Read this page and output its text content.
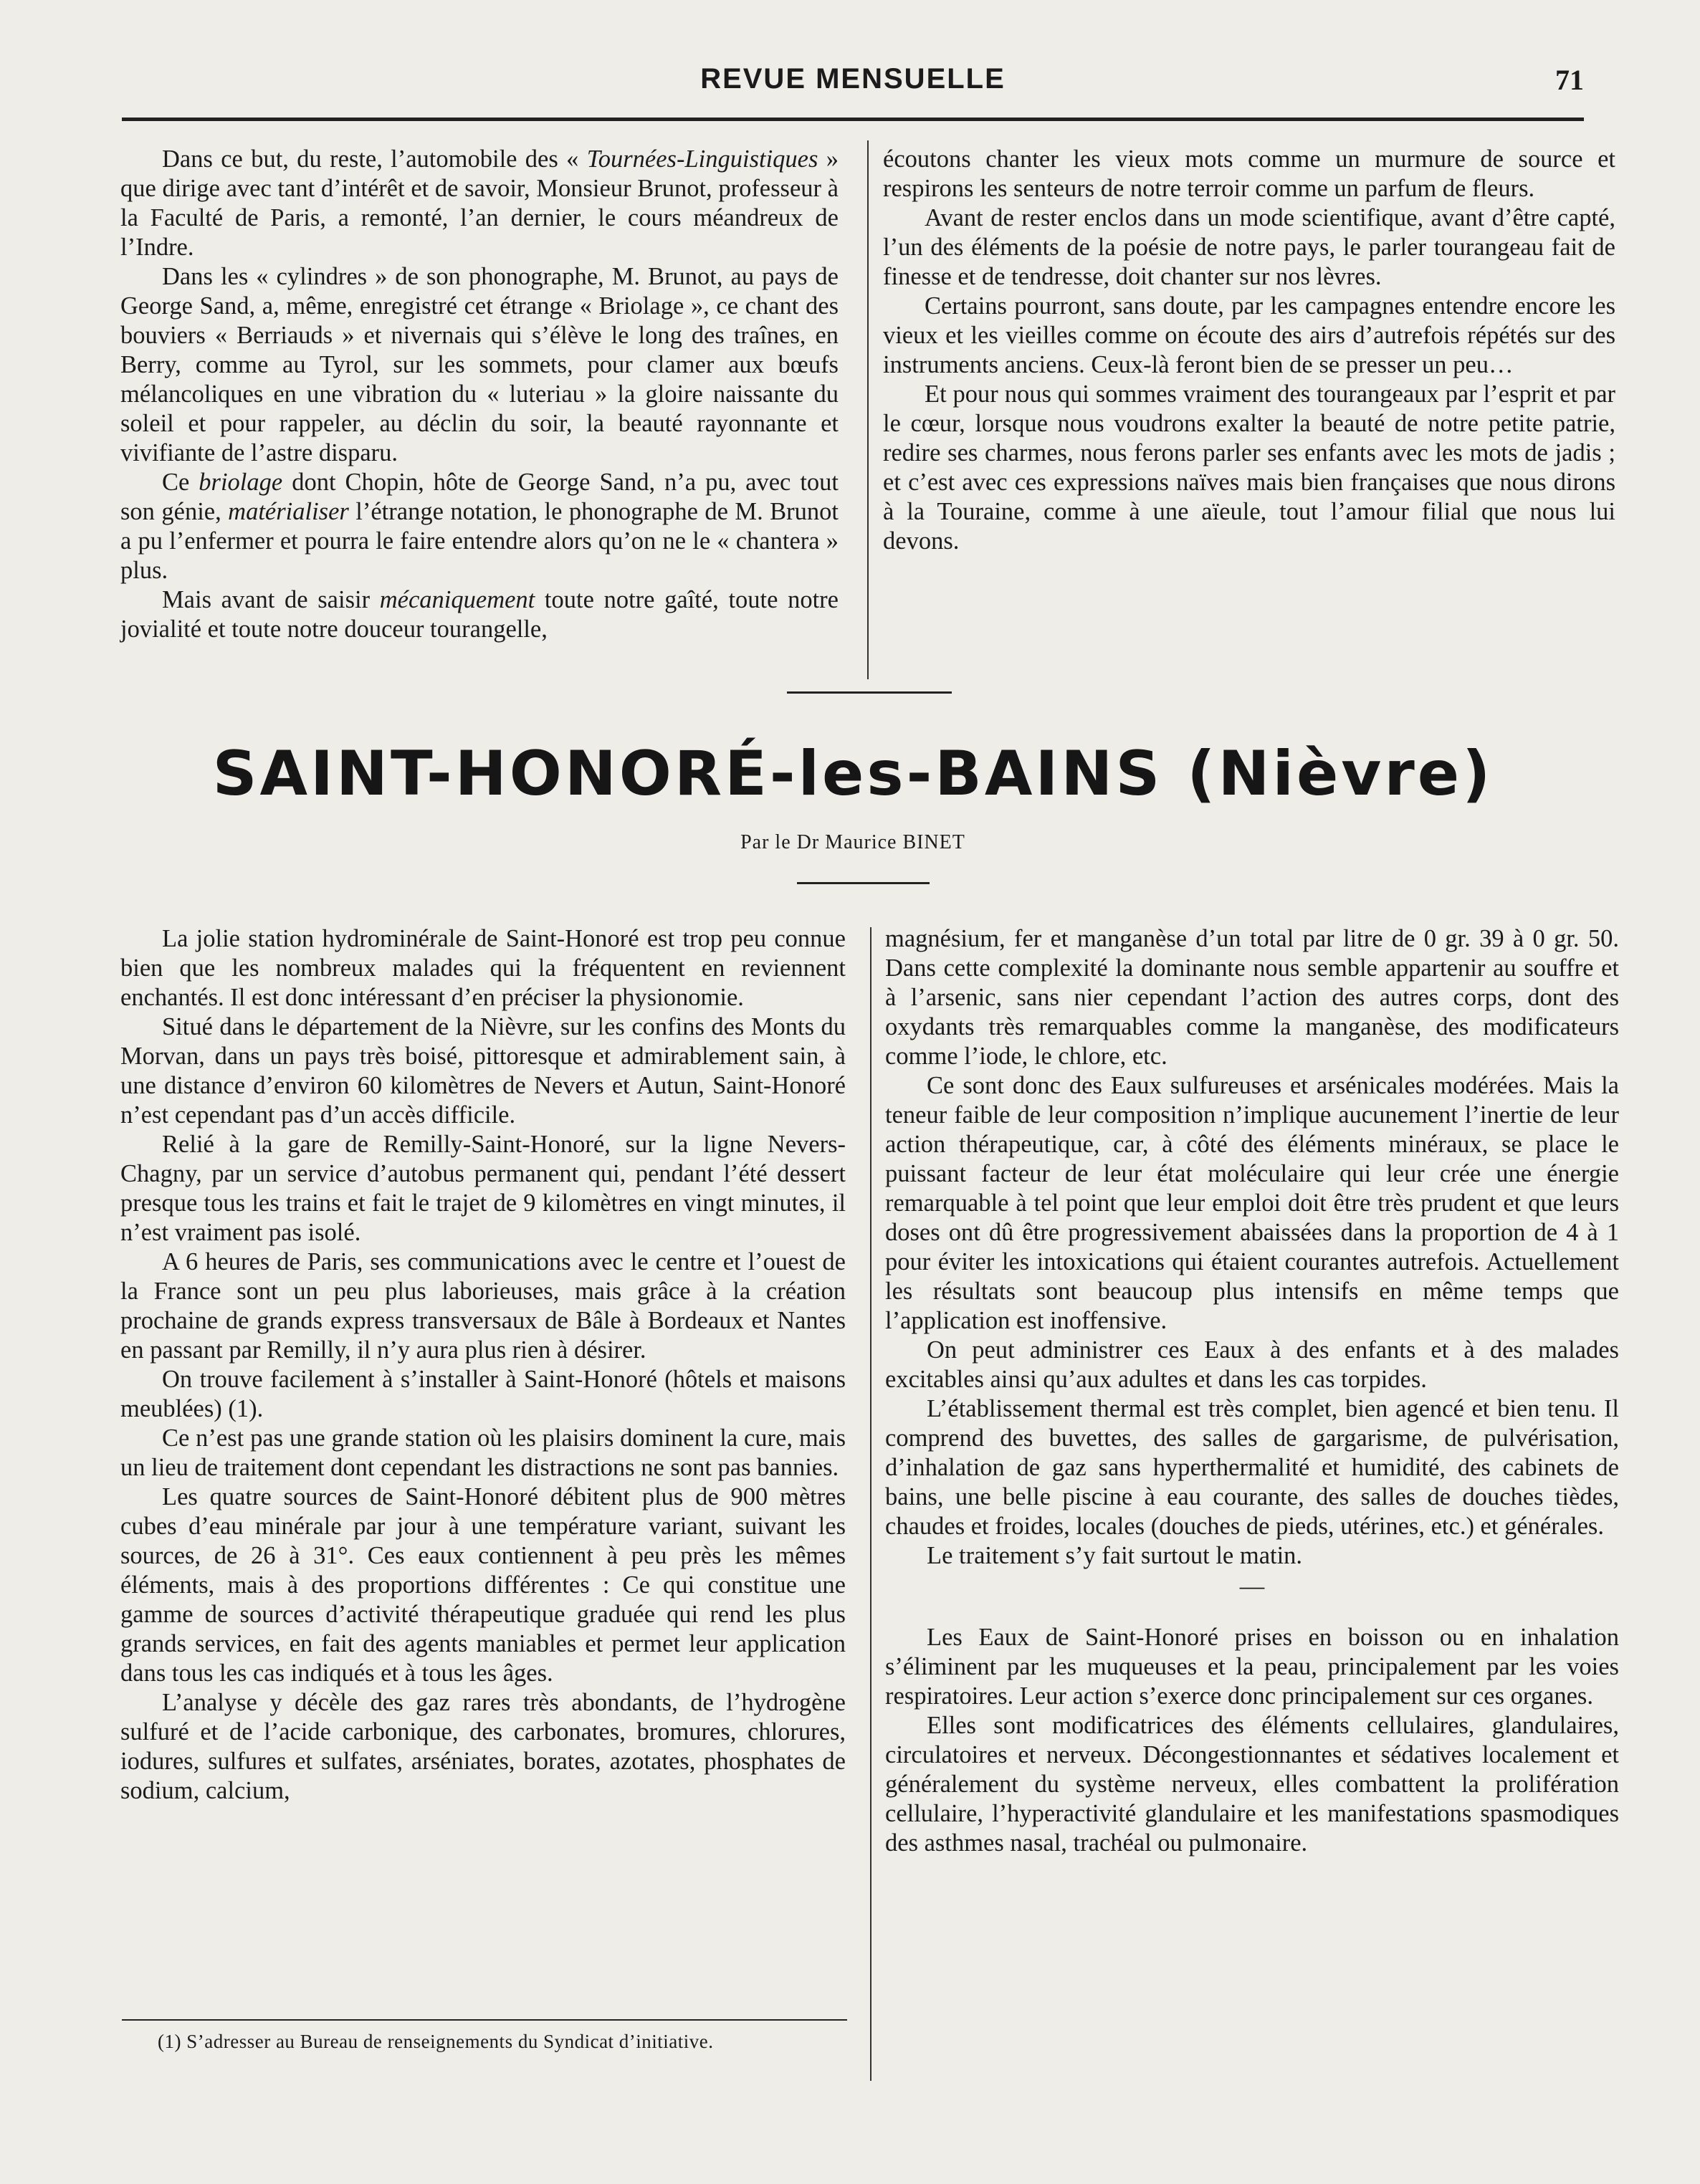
REVUE MENSUELLE	71

Dans ce but, du reste, l’automobile des « Tournées-Linguistiques » que dirige avec tant d’intérêt et de savoir, Monsieur Brunot, professeur à la Faculté de Paris, a remonté, l’an dernier, le cours méandreux de l’Indre.

Dans les « cylindres » de son phonographe, M. Brunot, au pays de George Sand, a, même, enregistré cet étrange « Briolage », ce chant des bouviers « Berriauds » et nivernais qui s’élève le long des traînes, en Berry, comme au Tyrol, sur les sommets, pour clamer aux bœufs mélancoliques en une vibration du « luteriau » la gloire naissante du soleil et pour rappeler, au déclin du soir, la beauté rayonnante et vivifiante de l’astre disparu.

Ce briolage dont Chopin, hôte de George Sand, n’a pu, avec tout son génie, matérialiser l’étrange notation, le phonographe de M. Brunot a pu l’enfermer et pourra le faire entendre alors qu’on ne le « chantera » plus.

Mais avant de saisir mécaniquement toute notre gaîté, toute notre jovialité et toute notre douceur tourangelle,

écoutons chanter les vieux mots comme un murmure de source et respirons les senteurs de notre terroir comme un parfum de fleurs.

Avant de rester enclos dans un mode scientifique, avant d’être capté, l’un des éléments de la poésie de notre pays, le parler tourangeau fait de finesse et de tendresse, doit chanter sur nos lèvres.

Certains pourront, sans doute, par les campagnes entendre encore les vieux et les vieilles comme on écoute des airs d’autrefois répétés sur des instruments anciens. Ceux-là feront bien de se presser un peu…

Et pour nous qui sommes vraiment des tourangeaux par l’esprit et par le cœur, lorsque nous voudrons exalter la beauté de notre petite patrie, redire ses charmes, nous ferons parler ses enfants avec les mots de jadis ; et c’est avec ces expressions naïves mais bien françaises que nous dirons à la Touraine, comme à une aïeule, tout l’amour filial que nous lui devons.

SAINT-HONORÉ-les-BAINS (Nièvre)
Par le Dr Maurice BINET

La jolie station hydrominérale de Saint-Honoré est trop peu connue bien que les nombreux malades qui la fréquentent en reviennent enchantés. Il est donc intéressant d’en préciser la physionomie.

Situé dans le département de la Nièvre, sur les confins des Monts du Morvan, dans un pays très boisé, pittoresque et admirablement sain, à une distance d’environ 60 kilomètres de Nevers et Autun, Saint-Honoré n’est cependant pas d’un accès difficile.

Relié à la gare de Remilly-Saint-Honoré, sur la ligne Nevers-Chagny, par un service d’autobus permanent qui, pendant l’été dessert presque tous les trains et fait le trajet de 9 kilomètres en vingt minutes, il n’est vraiment pas isolé.

A 6 heures de Paris, ses communications avec le centre et l’ouest de la France sont un peu plus laborieuses, mais grâce à la création prochaine de grands express transversaux de Bâle à Bordeaux et Nantes en passant par Remilly, il n’y aura plus rien à désirer.

On trouve facilement à s’installer à Saint-Honoré (hôtels et maisons meublées) (1).

Ce n’est pas une grande station où les plaisirs dominent la cure, mais un lieu de traitement dont cependant les distractions ne sont pas bannies.

Les quatre sources de Saint-Honoré débitent plus de 900 mètres cubes d’eau minérale par jour à une température variant, suivant les sources, de 26 à 31°. Ces eaux contiennent à peu près les mêmes éléments, mais à des proportions différentes : Ce qui constitue une gamme de sources d’activité thérapeutique graduée qui rend les plus grands services, en fait des agents maniables et permet leur application dans tous les cas indiqués et à tous les âges.

L’analyse y décèle des gaz rares très abondants, de l’hydrogène sulfuré et de l’acide carbonique, des carbonates, bromures, chlorures, iodures, sulfures et sulfates, arséniates, borates, azotates, phosphates de sodium, calcium,

magnésium, fer et manganèse d’un total par litre de 0 gr. 39 à 0 gr. 50. Dans cette complexité la dominante nous semble appartenir au souffre et à l’arsenic, sans nier cependant l’action des autres corps, dont des oxydants très remarquables comme la manganèse, des modificateurs comme l’iode, le chlore, etc.

Ce sont donc des Eaux sulfureuses et arsénicales modérées. Mais la teneur faible de leur composition n’implique aucunement l’inertie de leur action thérapeutique, car, à côté des éléments minéraux, se place le puissant facteur de leur état moléculaire qui leur crée une énergie remarquable à tel point que leur emploi doit être très prudent et que leurs doses ont dû être progressivement abaissées dans la proportion de 4 à 1 pour éviter les intoxications qui étaient courantes autrefois. Actuellement les résultats sont beaucoup plus intensifs en même temps que l’application est inoffensive.

On peut administrer ces Eaux à des enfants et à des malades excitables ainsi qu’aux adultes et dans les cas torpides.

L’établissement thermal est très complet, bien agencé et bien tenu. Il comprend des buvettes, des salles de gargarisme, de pulvérisation, d’inhalation de gaz sans hyperthermalité et humidité, des cabinets de bains, une belle piscine à eau courante, des salles de douches tièdes, chaudes et froides, locales (douches de pieds, utérines, etc.) et générales.

Le traitement s’y fait surtout le matin.

—

Les Eaux de Saint-Honoré prises en boisson ou en inhalation s’éliminent par les muqueuses et la peau, principalement par les voies respiratoires. Leur action s’exerce donc principalement sur ces organes.

Elles sont modificatrices des éléments cellulaires, glandulaires, circulatoires et nerveux. Décongestionnantes et sédatives localement et généralement du système nerveux, elles combattent la prolifération cellulaire, l’hyperactivité glandulaire et les manifestations spasmodiques des asthmes nasal, trachéal ou pulmonaire.

(1) S’adresser au Bureau de renseignements du Syndicat d’initiative.
